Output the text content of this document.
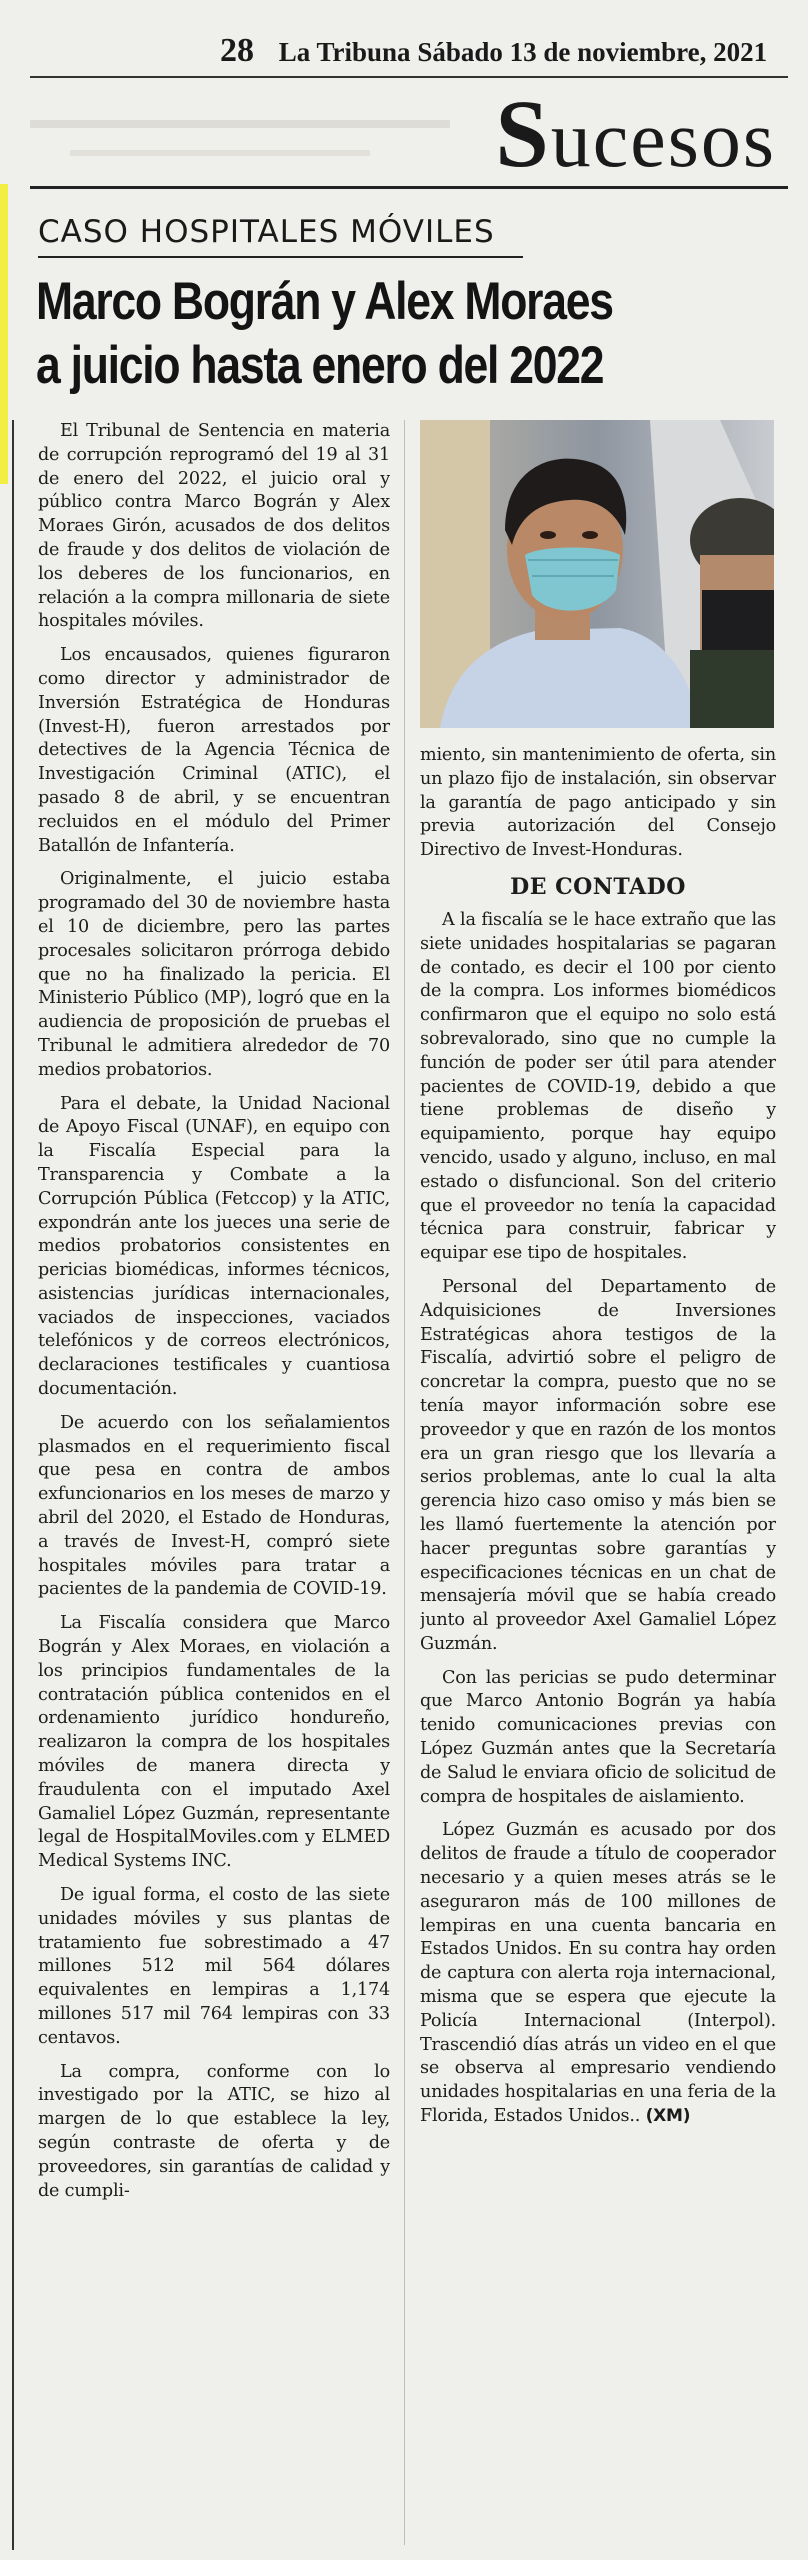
28 La Tribuna Sábado 13 de noviembre, 2021
Sucesos
CASO HOSPITALES MÓVILES
Marco Bográn y Alex Moraes
a juicio hasta enero del 2022

El Tribunal de Sentencia en materia de corrupción reprogramó del 19 al 31 de enero del 2022, el juicio oral y público contra Marco Bográn y Alex Moraes Girón, acusados de dos delitos de fraude y dos delitos de violación de los deberes de los funcionarios, en relación a la compra millonaria de siete hospitales móviles.

Los encausados, quienes figuraron como director y administrador de Inversión Estratégica de Honduras (Invest-H), fueron arrestados por detectives de la Agencia Técnica de Investigación Criminal (ATIC), el pasado 8 de abril, y se encuentran recluidos en el módulo del Primer Batallón de Infantería.

Originalmente, el juicio estaba programado del 30 de noviembre hasta el 10 de diciembre, pero las partes procesales solicitaron prórroga debido que no ha finalizado la pericia. El Ministerio Público (MP), logró que en la audiencia de proposición de pruebas el Tribunal le admitiera alrededor de 70 medios probatorios.

Para el debate, la Unidad Nacional de Apoyo Fiscal (UNAF), en equipo con la Fiscalía Especial para la Transparencia y Combate a la Corrupción Pública (Fetccop) y la ATIC, expondrán ante los jueces una serie de medios probatorios consistentes en pericias biomédicas, informes técnicos, asistencias jurídicas internacionales, vaciados de inspecciones, vaciados telefónicos y de correos electrónicos, declaraciones testificales y cuantiosa documentación.

De acuerdo con los señalamientos plasmados en el requerimiento fiscal que pesa en contra de ambos exfuncionarios en los meses de marzo y abril del 2020, el Estado de Honduras, a través de Invest-H, compró siete hospitales móviles para tratar a pacientes de la pandemia de COVID-19.

La Fiscalía considera que Marco Bográn y Alex Moraes, en violación a los principios fundamentales de la contratación pública contenidos en el ordenamiento jurídico hondureño, realizaron la compra de los hospitales móviles de manera directa y fraudulenta con el imputado Axel Gamaliel López Guzmán, representante legal de HospitalMoviles.com y ELMED Medical Systems INC.

De igual forma, el costo de las siete unidades móviles y sus plantas de tratamiento fue sobrestimado a 47 millones 512 mil 564 dólares equivalentes en lempiras a 1,174 millones 517 mil 764 lempiras con 33 centavos.

La compra, conforme con lo investigado por la ATIC, se hizo al margen de lo que establece la ley, según contraste de oferta y de proveedores, sin garantías de calidad y de cumpli-

miento, sin mantenimiento de oferta, sin un plazo fijo de instalación, sin observar la garantía de pago anticipado y sin previa autorización del Consejo Directivo de Invest-Honduras.

DE CONTADO

A la fiscalía se le hace extraño que las siete unidades hospitalarias se pagaran de contado, es decir el 100 por ciento de la compra. Los informes biomédicos confirmaron que el equipo no solo está sobrevalorado, sino que no cumple la función de poder ser útil para atender pacientes de COVID-19, debido a que tiene problemas de diseño y equipamiento, porque hay equipo vencido, usado y alguno, incluso, en mal estado o disfuncional. Son del criterio que el proveedor no tenía la capacidad técnica para construir, fabricar y equipar ese tipo de hospitales.

Personal del Departamento de Adquisiciones de Inversiones Estratégicas ahora testigos de la Fiscalía, advirtió sobre el peligro de concretar la compra, puesto que no se tenía mayor información sobre ese proveedor y que en razón de los montos era un gran riesgo que los llevaría a serios problemas, ante lo cual la alta gerencia hizo caso omiso y más bien se les llamó fuertemente la atención por hacer preguntas sobre garantías y especificaciones técnicas en un chat de mensajería móvil que se había creado junto al proveedor Axel Gamaliel López Guzmán.

Con las pericias se pudo determinar que Marco Antonio Bográn ya había tenido comunicaciones previas con López Guzmán antes que la Secretaría de Salud le enviara oficio de solicitud de compra de hospitales de aislamiento.

López Guzmán es acusado por dos delitos de fraude a título de cooperador necesario y a quien meses atrás se le aseguraron más de 100 millones de lempiras en una cuenta bancaria en Estados Unidos. En su contra hay orden de captura con alerta roja internacional, misma que se espera que ejecute la Policía Internacional (Interpol). Trascendió días atrás un video en el que se observa al empresario vendiendo unidades hospitalarias en una feria de la Florida, Estados Unidos.. (XM)
